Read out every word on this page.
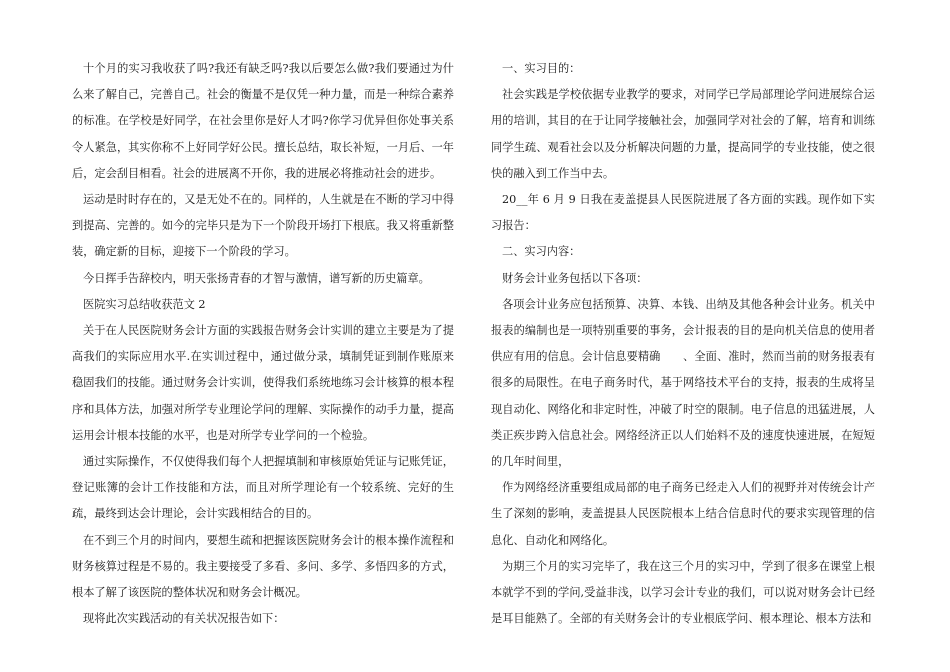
十个月的实习我收获了吗?我还有缺乏吗?我以后要怎么做?我们要通过为什么来了解自己，完善自己。社会的衡量不是仅凭一种力量，而是一种综合素养的标准。在学校是好同学，在社会里你是好人才吗?你学习优异但你处事关系令人紧急，其实你称不上好同学好公民。擅长总结，取长补短，一月后、一年后，定会刮目相看。社会的进展离不开你，我的进展必将推动社会的进步。

运动是时时存在的，又是无处不在的。同样的，人生就是在不断的学习中得到提高、完善的。如今的完毕只是为下一个阶段开场打下根底。我又将重新整装，确定新的目标，迎接下一个阶段的学习。

今日挥手告辞校内，明天张扬青春的才智与激情，谱写新的历史篇章。

医院实习总结收获范文 2

关于在人民医院财务会计方面的实践报告财务会计实训的建立主要是为了提高我们的实际应用水平.在实训过程中，通过做分录，填制凭证到制作账原来稳固我们的技能。通过财务会计实训，使得我们系统地练习会计核算的根本程序和具体方法，加强对所学专业理论学问的理解、实际操作的动手力量，提高运用会计根本技能的水平，也是对所学专业学问的一个检验。

通过实际操作，不仅使得我们每个人把握填制和审核原始凭证与记账凭证，登记账簿的会计工作技能和方法，而且对所学理论有一个较系统、完好的生疏，最终到达会计理论，会计实践相结合的目的。

在不到三个月的时间内，要想生疏和把握该医院财务会计的根本操作流程和财务核算过程是不易的。我主要接受了多看、多问、多学、多悟四多的方式，根本了解了该医院的整体状况和财务会计概况。

现将此次实践活动的有关状况报告如下：

一、实习目的：

社会实践是学校依据专业教学的要求，对同学已学局部理论学问进展综合运用的培训，其目的在于让同学接触社会，加强同学对社会的了解，培育和训练同学生疏、观看社会以及分析解决问题的力量，提高同学的专业技能，使之很快的融入到工作当中去。

20__年 6 月 9 日我在麦盖提县人民医院进展了各方面的实践。现作如下实习报告：

二、实习内容：

财务会计业务包括以下各项：

各项会计业务应包括预算、决算、本钱、出纳及其他各种会计业务。机关中报表的编制也是一项特别重要的事务，会计报表的目的是向机关信息的使用者供应有用的信息。会计信息要精确　　、全面、准时，然而当前的财务报表有很多的局限性。在电子商务时代，基于网络技术平台的支持，报表的生成将呈现自动化、网络化和非定时性，冲破了时空的限制。电子信息的迅猛进展，人类正疾步跨入信息社会。网络经济正以人们始料不及的速度快速进展，在短短的几年时间里，

作为网络经济重要组成局部的电子商务已经走入人们的视野并对传统会计产生了深刻的影响，麦盖提县人民医院根本上结合信息时代的要求实现管理的信息化、自动化和网络化。

为期三个月的实习完毕了，我在这三个月的实习中，学到了很多在课堂上根本就学不到的学问,受益非浅，以学习会计专业的我们，可以说对财务会计已经是耳目能熟了。全部的有关财务会计的专业根底学问、根本理论、根本方法和
